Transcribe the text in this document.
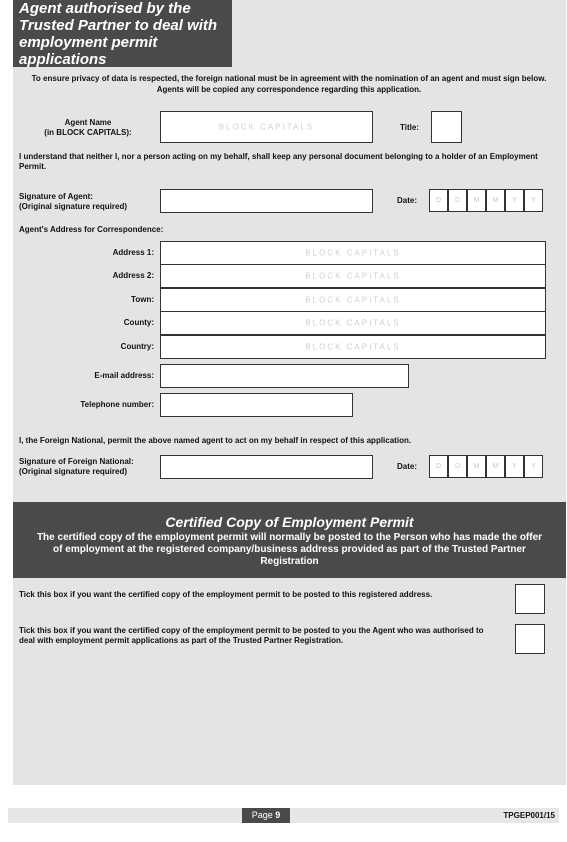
Agent authorised by the
Trusted Partner to deal with
employment permit
applications
To ensure privacy of data is respected, the foreign national must be in agreement with the nomination of an agent and must sign below. Agents will be copied any correspondence regarding this application.
Agent Name
(in BLOCK CAPITALS):
BLOCK CAPITALS	Title:
I understand that neither I, nor a person acting on my behalf, shall keep any personal document belonging to a holder of an Employment Permit.
Signature of Agent:
(Original signature required)
Date:	D	D	M	M	Y	Y
Agent's Address for Correspondence:
Address 1:	BLOCK CAPITALS
Address 2:	BLOCK CAPITALS
Town:	BLOCK CAPITALS
County:	BLOCK CAPITALS
Country:	BLOCK CAPITALS
E-mail address:
Telephone number:
I, the Foreign National, permit the above named agent to act on my behalf in respect of this application.
Signature of Foreign National:
(Original signature required)
Date:	D	D	M	M	Y	Y
Certified Copy of Employment Permit
The certified copy of the employment permit will normally be posted to the Person who has made the offer of employment at the registered company/business address provided as part of the Trusted Partner Registration
Tick this box if you want the certified copy of the employment permit to be posted to this registered address.
Tick this box if you want the certified copy of the employment permit to be posted to you the Agent who was authorised to deal with employment permit applications as part of the Trusted Partner Registration.
Page 9	TPGEP001/15
